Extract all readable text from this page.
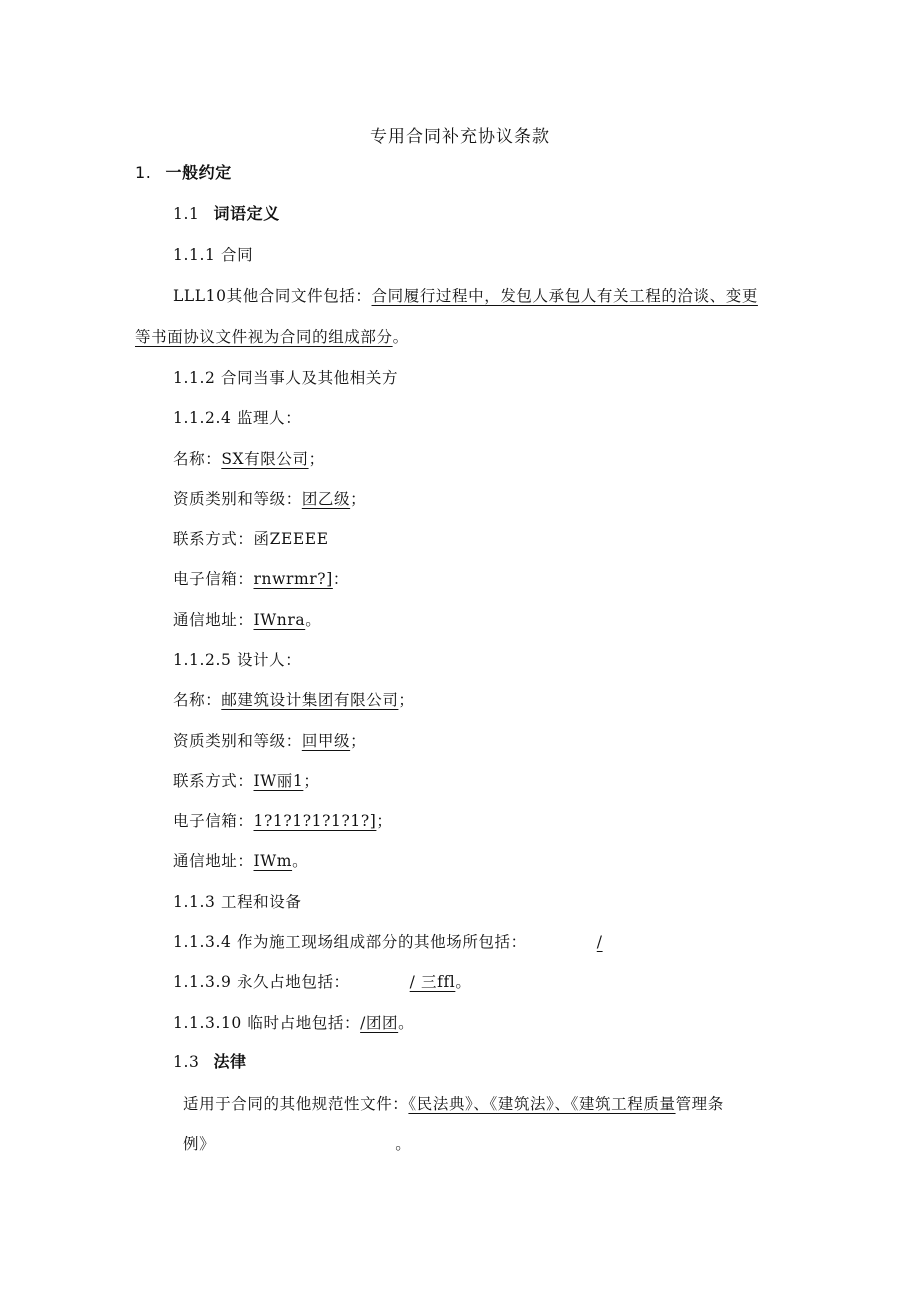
专用合同补充协议条款
1. 一般约定
1.1 词语定义
1.1.1 合同
LLL10其他合同文件包括：合同履行过程中，发包人承包人有关工程的洽谈、变更
等书面协议文件视为合同的组成部分。
1.1.2 合同当事人及其他相关方
1.1.2.4 监理人：
名称：SX有限公司；
资质类别和等级：团乙级；
联系方式：函ZEEEE
电子信箱：rnwrmr?]：
通信地址：IWnra。
1.1.2.5 设计人：
名称：邮建筑设计集团有限公司；
资质类别和等级：回甲级；
联系方式：IW丽1；
电子信箱：1?1?1?1?1?1?]；
通信地址：IWm。
1.1.3 工程和设备
1.1.3.4 作为施工现场组成部分的其他场所包括：	/
1.1.3.9 永久占地包括：	/ 三ffl。
1.1.3.10 临时占地包括：/团团。
1.3 法律
适用于合同的其他规范性文件：《民法典》、《建筑法》、《建筑工程质量管理条
例》	。
